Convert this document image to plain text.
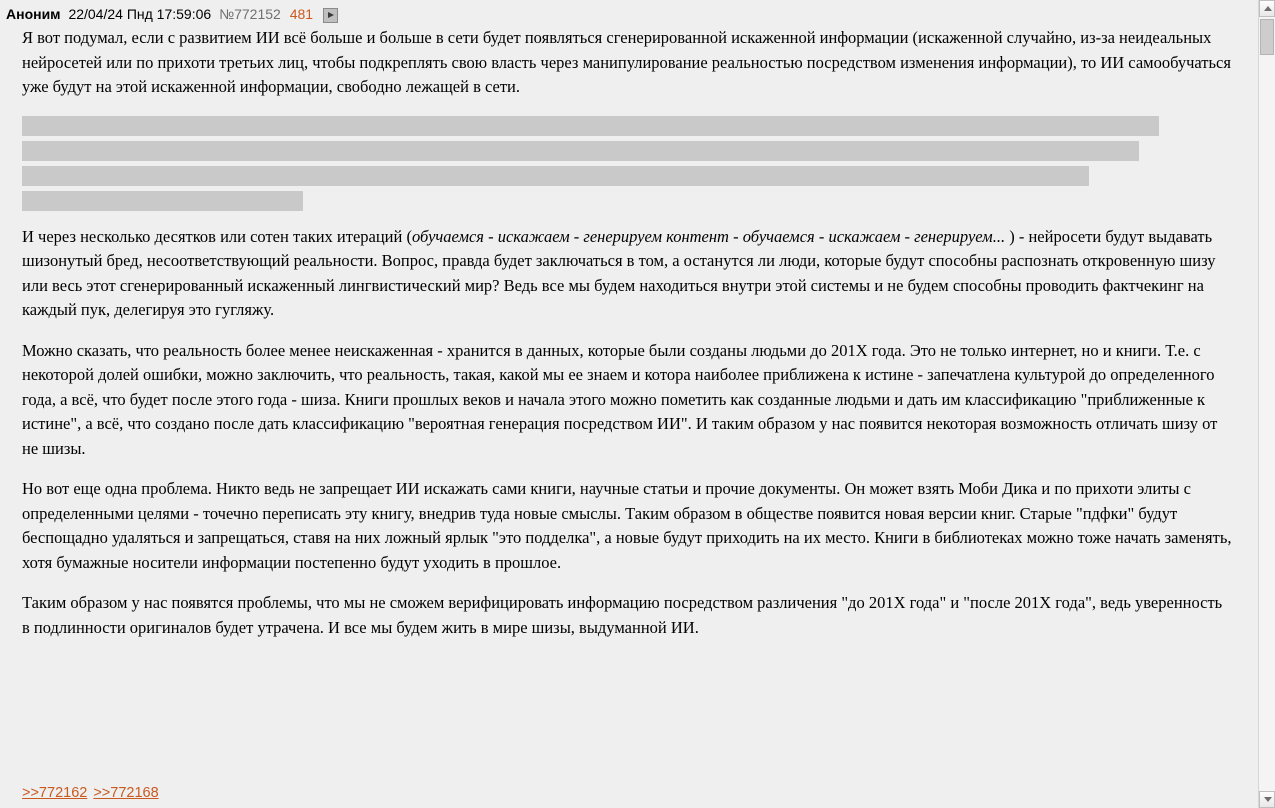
Аноним 22/04/24 Пнд 17:59:06 №772152 481

Я вот подумал, если с развитием ИИ всё больше и больше в сети будет появляться сгенерированной искаженной информации (искаженной случайно, из-за неидеальных нейросетей или по прихоти третьих лиц, чтобы подкреплять свою власть через манипулирование реальностью посредством изменения информации), то ИИ самообучаться уже будут на этой искаженной информации, свободно лежащей в сети.

И через несколько десятков или сотен таких итераций (обучаемся - искажаем - генерируем контент - обучаемся - искажаем - генерируем... ) - нейросети будут выдавать шизонутый бред, несоответствующий реальности. Вопрос, правда будет заключаться в том, а останутся ли люди, которые будут способны распознать откровенную шизу или весь этот сгенерированный искаженный лингвистический мир? Ведь все мы будем находиться внутри этой системы и не будем способны проводить фактчекинг на каждый пук, делегируя это гугляжу.

Можно сказать, что реальность более менее неискаженная - хранится в данных, которые были созданы людьми до 201Х года. Это не только интернет, но и книги. Т.е. с некоторой долей ошибки, можно заключить, что реальность, такая, какой мы ее знаем и котора наиболее приближена к истине - запечатлена культурой до определенного года, а всё, что будет после этого года - шиза. Книги прошлых веков и начала этого можно пометить как созданные людьми и дать им классификацию "приближенные к истине", а всё, что создано после дать классификацию "вероятная генерация посредством ИИ". И таким образом у нас появится некоторая возможность отличать шизу от не шизы.

Но вот еще одна проблема. Никто ведь не запрещает ИИ искажать сами книги, научные статьи и прочие документы. Он может взять Моби Дика и по прихоти элиты с определенными целями - точечно переписать эту книгу, внедрив туда новые смыслы. Таким образом в обществе появится новая версии книг. Старые "пдфки" будут беспощадно удаляться и запрещаться, ставя на них ложный ярлык "это подделка", а новые будут приходить на их место. Книги в библиотеках можно тоже начать заменять, хотя бумажные носители информации постепенно будут уходить в прошлое.

Таким образом у нас появятся проблемы, что мы не сможем верифицировать информацию посредством различения "до 201Х года" и "после 201Х года", ведь уверенность в подлинности оригиналов будет утрачена. И все мы будем жить в мире шизы, выдуманной ИИ.

>>772162 >>772168
